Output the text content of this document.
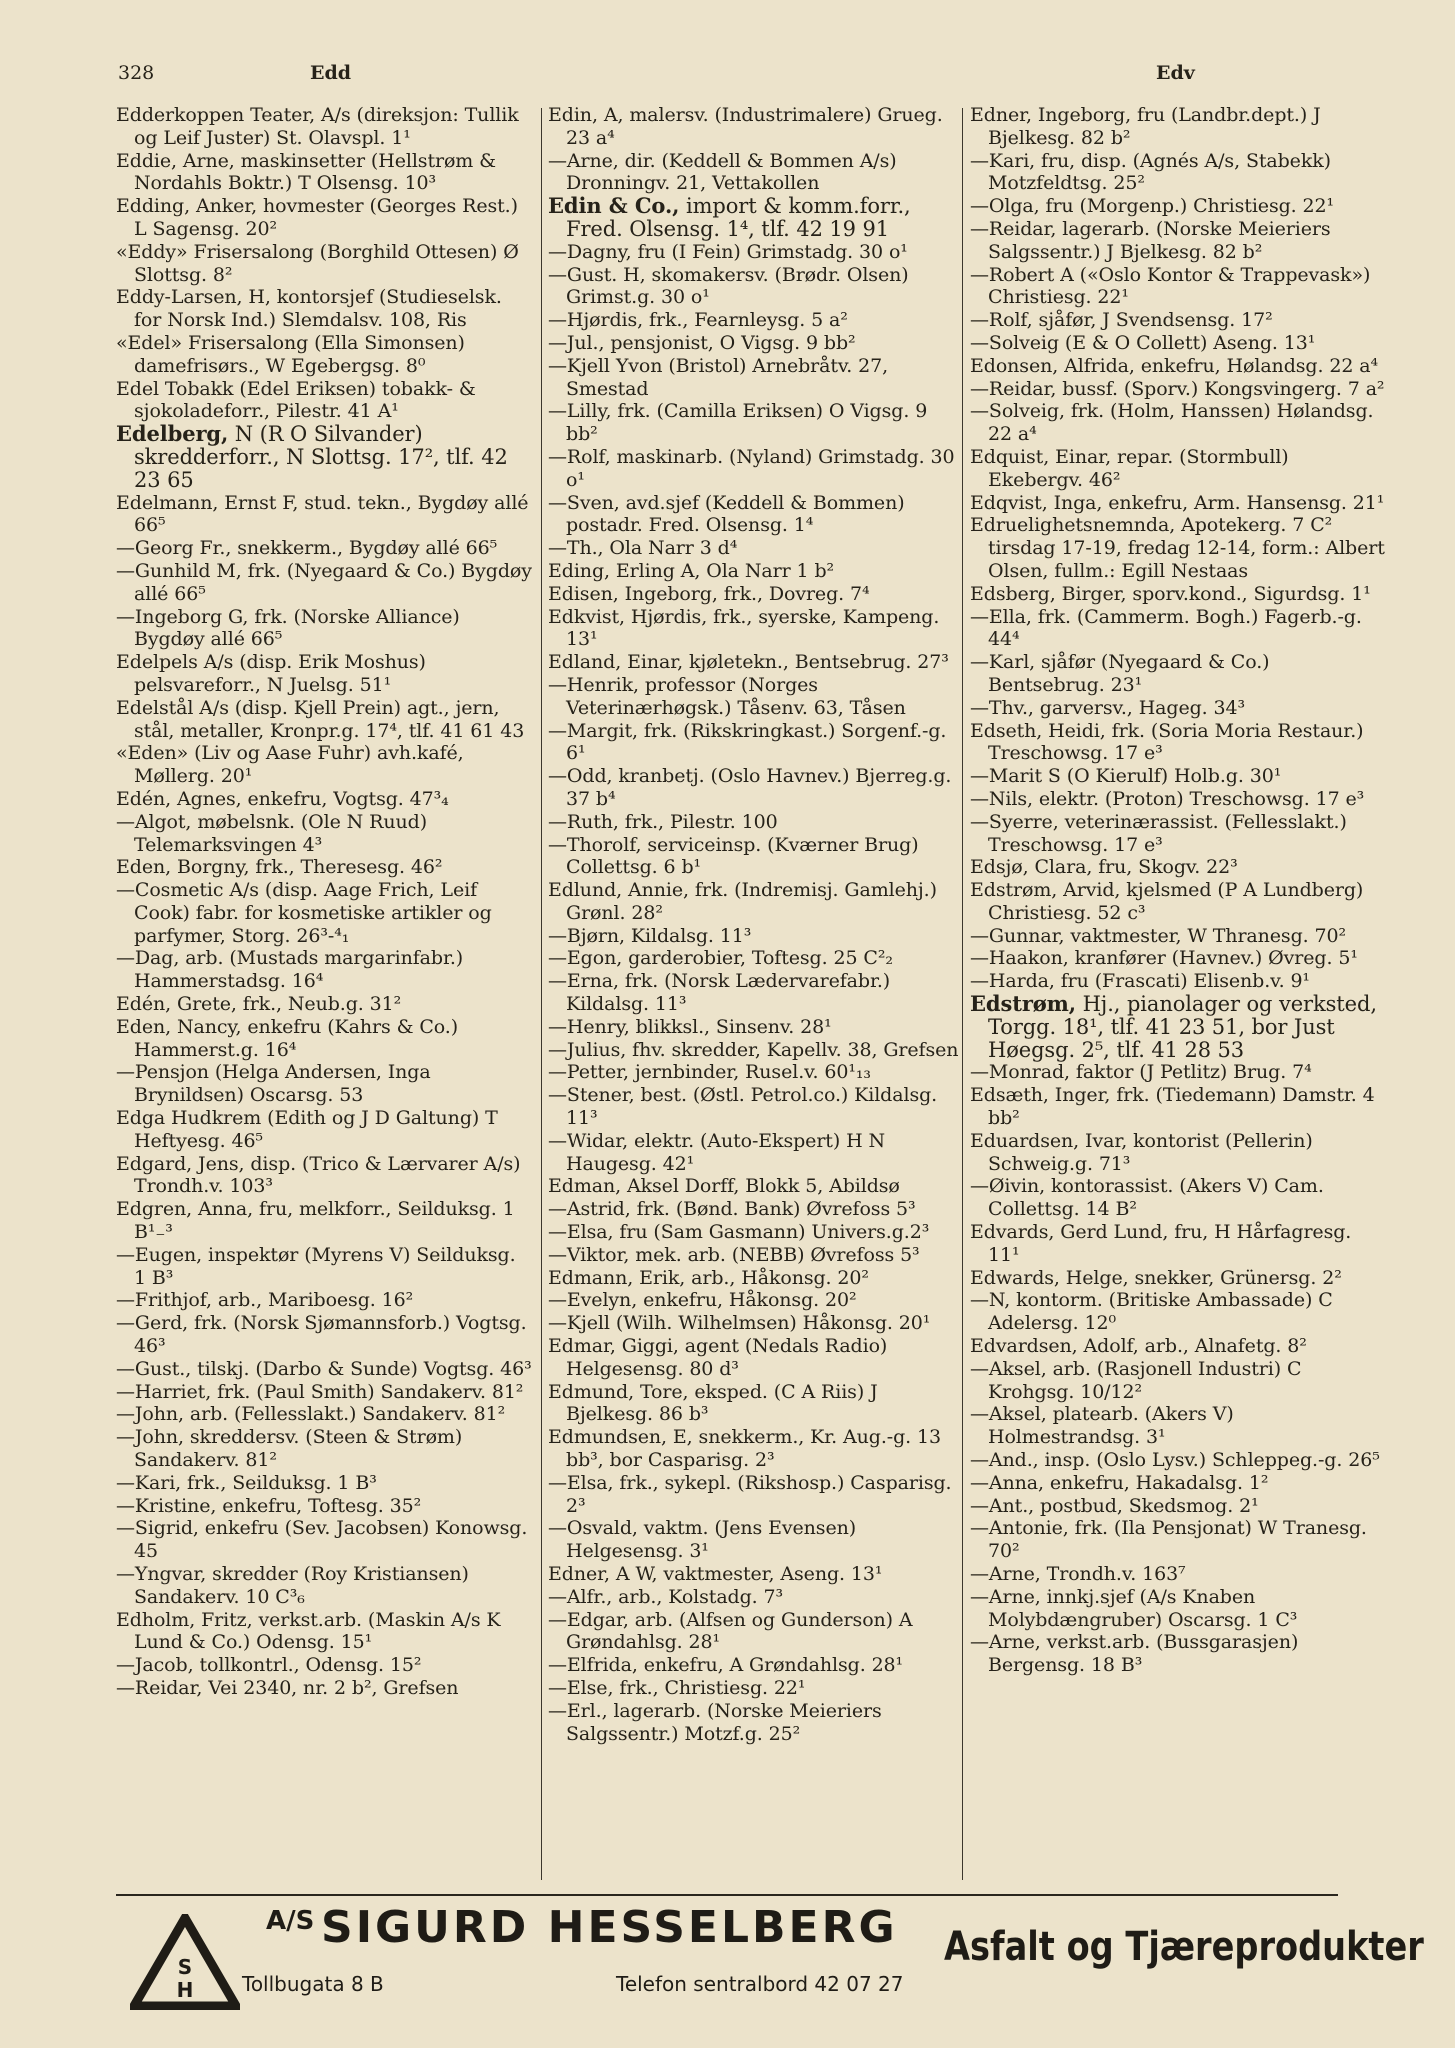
328	Edd	Edv
Edderkoppen Teater, A/s (direksjon: Tullik og Leif Juster) St. Olavspl. 1¹
Eddie, Arne, maskinsetter (Hellstrøm & Nordahls Boktr.) T Olsensg. 10³
Edding, Anker, hovmester (Georges Rest.) L Sagensg. 20²
«Eddy» Frisersalong (Borghild Ottesen) Ø Slottsg. 8²
Eddy-Larsen, H, kontorsjef (Studieselsk. for Norsk Ind.) Slemdalsv. 108, Ris
«Edel» Frisersalong (Ella Simonsen) damefrisørs., W Egebergsg. 8⁰
Edel Tobakk (Edel Eriksen) tobakk- & sjokoladeforr., Pilestr. 41 A¹
Edelberg, N (R O Silvander) skredderforr., N Slottsg. 17², tlf. 42 23 65
Edelmann, Ernst F, stud. tekn., Bygdøy allé 66⁵
—Georg Fr., snekkerm., Bygdøy allé 66⁵
—Gunhild M, frk. (Nyegaard & Co.) Bygdøy allé 66⁵
—Ingeborg G, frk. (Norske Alliance) Bygdøy allé 66⁵
Edelpels A/s (disp. Erik Moshus) pelsvareforr., N Juelsg. 51¹
Edelstål A/s (disp. Kjell Prein) agt., jern, stål, metaller, Kronpr.g. 17⁴, tlf. 41 61 43
«Eden» (Liv og Aase Fuhr) avh.kafé, Møllerg. 20¹
Edén, Agnes, enkefru, Vogtsg. 47³₄
—Algot, møbelsnk. (Ole N Ruud) Telemarksvingen 4³
Eden, Borgny, frk., Theresesg. 46²
—Cosmetic A/s (disp. Aage Frich, Leif Cook) fabr. for kosmetiske artikler og parfymer, Storg. 26³-⁴₁
—Dag, arb. (Mustads margarinfabr.) Hammerstadsg. 16⁴
Edén, Grete, frk., Neub.g. 31²
Eden, Nancy, enkefru (Kahrs & Co.) Hammerst.g. 16⁴
—Pensjon (Helga Andersen, Inga Brynildsen) Oscarsg. 53
Edga Hudkrem (Edith og J D Galtung) T Heftyesg. 46⁵
Edgard, Jens, disp. (Trico & Lærvarer A/s) Trondh.v. 103³
Edgren, Anna, fru, melkforr., Seilduksg. 1 B¹₋³
—Eugen, inspektør (Myrens V) Seilduksg. 1 B³
—Frithjof, arb., Mariboesg. 16²
—Gerd, frk. (Norsk Sjømannsforb.) Vogtsg. 46³
—Gust., tilskj. (Darbo & Sunde) Vogtsg. 46³
—Harriet, frk. (Paul Smith) Sandakerv. 81²
—John, arb. (Fellesslakt.) Sandakerv. 81²
—John, skreddersv. (Steen & Strøm) Sandakerv. 81²
—Kari, frk., Seilduksg. 1 B³
—Kristine, enkefru, Toftesg. 35²
—Sigrid, enkefru (Sev. Jacobsen) Konowsg. 45
—Yngvar, skredder (Roy Kristiansen) Sandakerv. 10 C³₆
Edholm, Fritz, verkst.arb. (Maskin A/s K Lund & Co.) Odensg. 15¹
—Jacob, tollkontrl., Odensg. 15²
—Reidar, Vei 2340, nr. 2 b², Grefsen
Edin, A, malersv. (Industrimalere) Grueg. 23 a⁴
—Arne, dir. (Keddell & Bommen A/s) Dronningv. 21, Vettakollen
Edin & Co., import & komm.forr., Fred. Olsensg. 1⁴, tlf. 42 19 91
—Dagny, fru (I Fein) Grimstadg. 30 o¹
—Gust. H, skomakersv. (Brødr. Olsen) Grimst.g. 30 o¹
—Hjørdis, frk., Fearnleysg. 5 a²
—Jul., pensjonist, O Vigsg. 9 bb²
—Kjell Yvon (Bristol) Arnebråtv. 27, Smestad
—Lilly, frk. (Camilla Eriksen) O Vigsg. 9 bb²
—Rolf, maskinarb. (Nyland) Grimstadg. 30 o¹
—Sven, avd.sjef (Keddell & Bommen) postadr. Fred. Olsensg. 1⁴
—Th., Ola Narr 3 d⁴
Eding, Erling A, Ola Narr 1 b²
Edisen, Ingeborg, frk., Dovreg. 7⁴
Edkvist, Hjørdis, frk., syerske, Kampeng. 13¹
Edland, Einar, kjøletekn., Bentsebrug. 27³
—Henrik, professor (Norges Veterinærhøgsk.) Tåsenv. 63, Tåsen
—Margit, frk. (Rikskringkast.) Sorgenf.-g. 6¹
—Odd, kranbetj. (Oslo Havnev.) Bjerreg.g. 37 b⁴
—Ruth, frk., Pilestr. 100
—Thorolf, serviceinsp. (Kværner Brug) Collettsg. 6 b¹
Edlund, Annie, frk. (Indremisj. Gamlehj.) Grønl. 28²
—Bjørn, Kildalsg. 11³
—Egon, garderobier, Toftesg. 25 C²₂
—Erna, frk. (Norsk Lædervarefabr.) Kildalsg. 11³
—Henry, blikksl., Sinsenv. 28¹
—Julius, fhv. skredder, Kapellv. 38, Grefsen
—Petter, jernbinder, Rusel.v. 60¹₁₃
—Stener, best. (Østl. Petrol.co.) Kildalsg. 11³
—Widar, elektr. (Auto-Ekspert) H N Haugesg. 42¹
Edman, Aksel Dorff, Blokk 5, Abildsø
—Astrid, frk. (Bønd. Bank) Øvrefoss 5³
—Elsa, fru (Sam Gasmann) Univers.g.2³
—Viktor, mek. arb. (NEBB) Øvrefoss 5³
Edmann, Erik, arb., Håkonsg. 20²
—Evelyn, enkefru, Håkonsg. 20²
—Kjell (Wilh. Wilhelmsen) Håkonsg. 20¹
Edmar, Giggi, agent (Nedals Radio) Helgesensg. 80 d³
Edmund, Tore, eksped. (C A Riis) J Bjelkesg. 86 b³
Edmundsen, E, snekkerm., Kr. Aug.-g. 13 bb³, bor Casparisg. 2³
—Elsa, frk., sykepl. (Rikshosp.) Casparisg. 2³
—Osvald, vaktm. (Jens Evensen) Helgesensg. 3¹
Edner, A W, vaktmester, Aseng. 13¹
—Alfr., arb., Kolstadg. 7³
—Edgar, arb. (Alfsen og Gunderson) A Grøndahlsg. 28¹
—Elfrida, enkefru, A Grøndahlsg. 28¹
—Else, frk., Christiesg. 22¹
—Erl., lagerarb. (Norske Meieriers Salgssentr.) Motzf.g. 25²
Edner, Ingeborg, fru (Landbr.dept.) J Bjelkesg. 82 b²
—Kari, fru, disp. (Agnés A/s, Stabekk) Motzfeldtsg. 25²
—Olga, fru (Morgenp.) Christiesg. 22¹
—Reidar, lagerarb. (Norske Meieriers Salgssentr.) J Bjelkesg. 82 b²
—Robert A («Oslo Kontor & Trappevask») Christiesg. 22¹
—Rolf, sjåfør, J Svendsensg. 17²
—Solveig (E & O Collett) Aseng. 13¹
Edonsen, Alfrida, enkefru, Hølandsg. 22 a⁴
—Reidar, bussf. (Sporv.) Kongsvingerg. 7 a²
—Solveig, frk. (Holm, Hanssen) Hølandsg. 22 a⁴
Edquist, Einar, repar. (Stormbull) Ekebergv. 46²
Edqvist, Inga, enkefru, Arm. Hansensg. 21¹
Edruelighetsnemnda, Apotekerg. 7 C² tirsdag 17-19, fredag 12-14, form.: Albert Olsen, fullm.: Egill Nestaas
Edsberg, Birger, sporv.kond., Sigurdsg. 1¹
—Ella, frk. (Cammerm. Bogh.) Fagerb.-g. 44⁴
—Karl, sjåfør (Nyegaard & Co.) Bentsebrug. 23¹
—Thv., garversv., Hageg. 34³
Edseth, Heidi, frk. (Soria Moria Restaur.) Treschowsg. 17 e³
—Marit S (O Kierulf) Holb.g. 30¹
—Nils, elektr. (Proton) Treschowsg. 17 e³
—Syerre, veterinærassist. (Fellesslakt.) Treschowsg. 17 e³
Edsjø, Clara, fru, Skogv. 22³
Edstrøm, Arvid, kjelsmed (P A Lundberg) Christiesg. 52 c³
—Gunnar, vaktmester, W Thranesg. 70²
—Haakon, kranfører (Havnev.) Øvreg. 5¹
—Harda, fru (Frascati) Elisenb.v. 9¹
Edstrøm, Hj., pianolager og verksted, Torgg. 18¹, tlf. 41 23 51, bor Just Høegsg. 2⁵, tlf. 41 28 53
—Monrad, faktor (J Petlitz) Brug. 7⁴
Edsæth, Inger, frk. (Tiedemann) Damstr. 4 bb²
Eduardsen, Ivar, kontorist (Pellerin) Schweig.g. 71³
—Øivin, kontorassist. (Akers V) Cam. Collettsg. 14 B²
Edvards, Gerd Lund, fru, H Hårfagresg. 11¹
Edwards, Helge, snekker, Grünersg. 2²
—N, kontorm. (Britiske Ambassade) C Adelersg. 12⁰
Edvardsen, Adolf, arb., Alnafetg. 8²
—Aksel, arb. (Rasjonell Industri) C Krohgsg. 10/12²
—Aksel, platearb. (Akers V) Holmestrandsg. 3¹
—And., insp. (Oslo Lysv.) Schleppeg.-g. 26⁵
—Anna, enkefru, Hakadalsg. 1²
—Ant., postbud, Skedsmog. 2¹
—Antonie, frk. (Ila Pensjonat) W Tranesg. 70²
—Arne, Trondh.v. 163⁷
—Arne, innkj.sjef (A/s Knaben Molybdængruber) Oscarsg. 1 C³
—Arne, verkst.arb. (Bussgarasjen) Bergensg. 18 B³
S
H
A/S SIGURD HESSELBERG
Tollbugata 8 B	Telefon sentralbord 42 07 27
Asfalt og Tjæreprodukter
